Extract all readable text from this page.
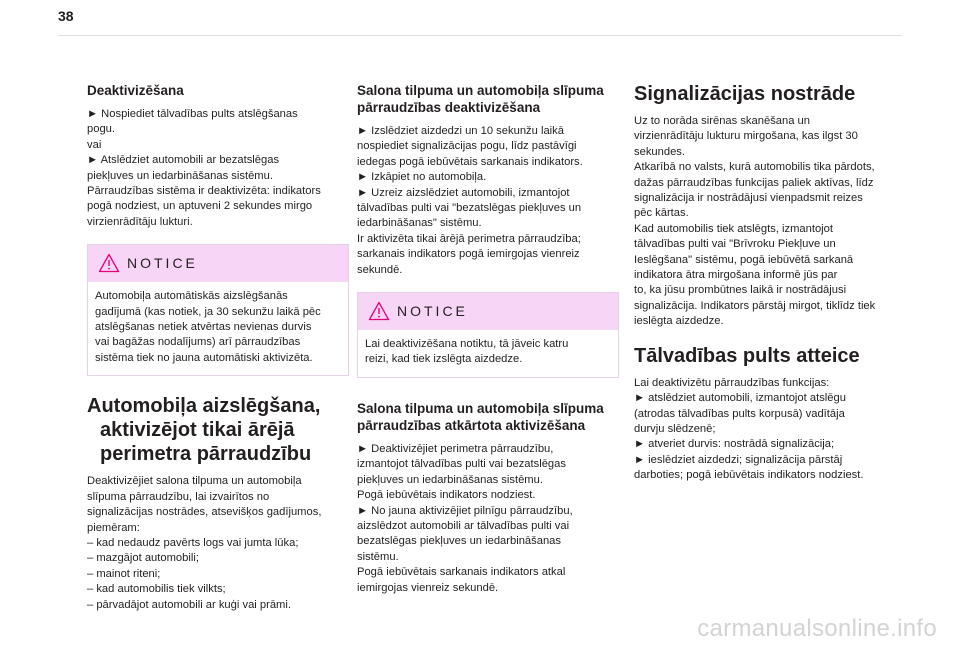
38
Deaktivizēšana
► Nospiediet tālvadības pults atslēgšanas
pogu.
vai
► Atslēdziet automobili ar bezatslēgas
piekļuves un iedarbināšanas sistēmu.
Pārraudzības sistēma ir deaktivizēta: indikators
pogā nodziest, un aptuveni 2 sekundes mirgo
virzienrādītāju lukturi.
NOTICE
Automobiļa automātiskās aizslēgšanās
gadījumā (kas notiek, ja 30 sekunžu laikā pēc
atslēgšanas netiek atvērtas nevienas durvis
vai bagāžas nodalījums) arī pārraudzības
sistēma tiek no jauna automātiski aktivizēta.
Automobiļa aizslēgšana, aktivizējot tikai ārējā perimetra pārraudzību
Deaktivizējiet salona tilpuma un automobiļa
slīpuma pārraudzību, lai izvairītos no
signalizācijas nostrādes, atsevišķos gadījumos,
piemēram:
– kad nedaudz pavērts logs vai jumta lūka;
– mazgājot automobili;
– mainot riteni;
– kad automobilis tiek vilkts;
– pārvadājot automobili ar kuģi vai prāmi.
Salona tilpuma un automobiļa slīpuma pārraudzības deaktivizēšana
► Izslēdziet aizdedzi un 10 sekunžu laikā
nospiediet signalizācijas pogu, līdz pastāvīgi
iedegas pogā iebūvētais sarkanais indikators.
► Izkāpiet no automobiļa.
► Uzreiz aizslēdziet automobili, izmantojot
tālvadības pulti vai "bezatslēgas piekļuves un
iedarbināšanas" sistēmu.
Ir aktivizēta tikai ārējā perimetra pārraudzība;
sarkanais indikators pogā iemirgojas vienreiz
sekundē.
NOTICE
Lai deaktivizēšana notiktu, tā jāveic katru
reizi, kad tiek izslēgta aizdedze.
Salona tilpuma un automobiļa slīpuma pārraudzības atkārtota aktivizēšana
► Deaktivizējiet perimetra pārraudzību,
izmantojot tālvadības pulti vai bezatslēgas
piekļuves un iedarbināšanas sistēmu.
Pogā iebūvētais indikators nodziest.
► No jauna aktivizējiet pilnīgu pārraudzību,
aizslēdzot automobili ar tālvadības pulti vai
bezatslēgas piekļuves un iedarbināšanas
sistēmu.
Pogā iebūvētais sarkanais indikators atkal
iemirgojas vienreiz sekundē.
Signalizācijas nostrāde
Uz to norāda sirēnas skanēšana un
virzienrādītāju lukturu mirgošana, kas ilgst 30
sekundes.
Atkarībā no valsts, kurā automobilis tika pārdots,
dažas pārraudzības funkcijas paliek aktīvas, līdz
signalizācija ir nostrādājusi vienpadsmit reizes
pēc kārtas.
Kad automobilis tiek atslēgts, izmantojot
tālvadības pulti vai "Brīvroku Piekļuve un
Ieslēgšana" sistēmu, pogā iebūvētā sarkanā
indikatora ātra mirgošana informē jūs par
to, ka jūsu prombūtnes laikā ir nostrādājusi
signalizācija. Indikators pārstāj mirgot, tiklīdz tiek
ieslēgta aizdedze.
Tālvadības pults atteice
Lai deaktivizētu pārraudzības funkcijas:
► atslēdziet automobili, izmantojot atslēgu
(atrodas tālvadības pults korpusā) vadītāja
durvju slēdzenē;
► atveriet durvis: nostrādā signalizācija;
► ieslēdziet aizdedzi; signalizācija pārstāj
darboties; pogā iebūvētais indikators nodziest.
carmanualsonline.info
